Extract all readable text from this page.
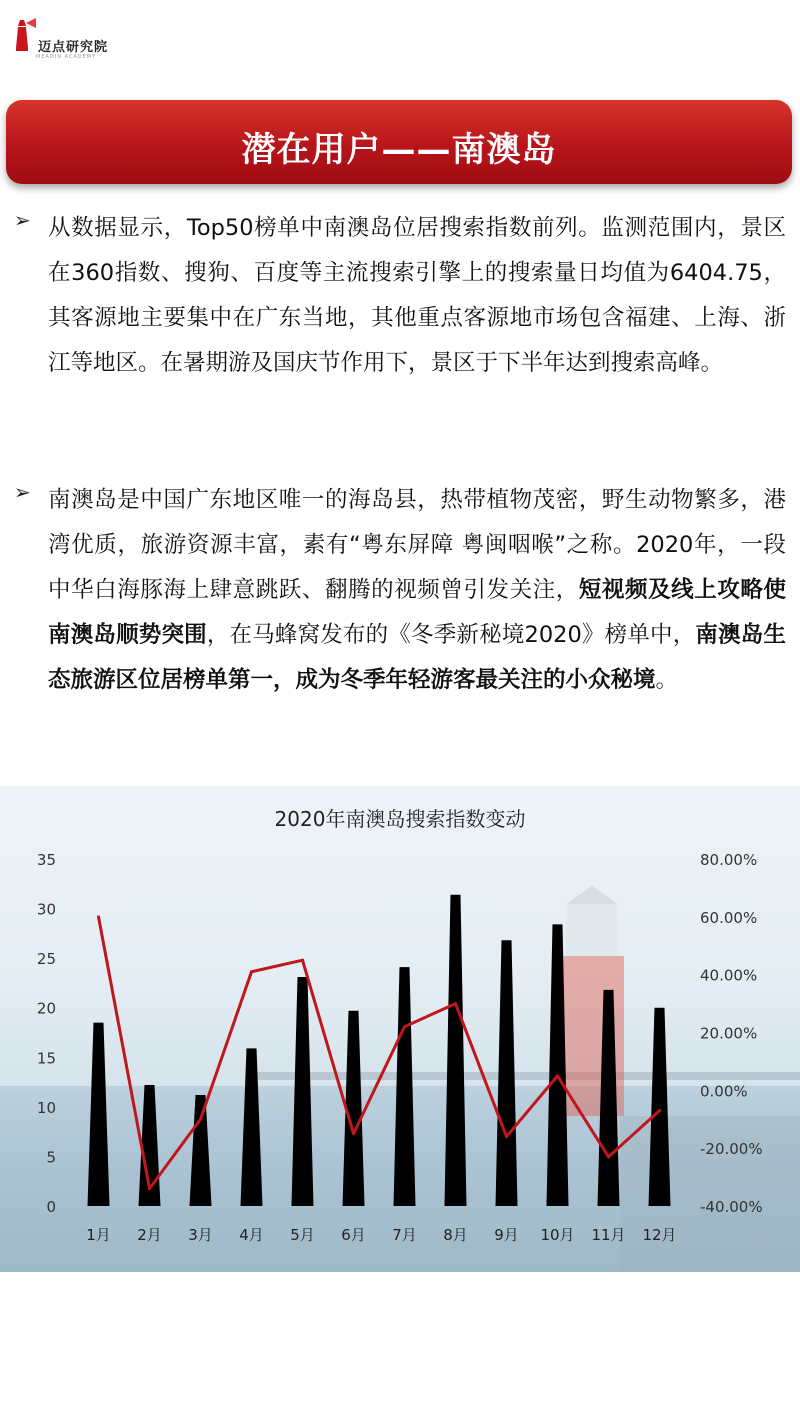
迈点研究院
MEADIN ACADEMY
潜在用户——南澳岛
➢ 从数据显示，Top50榜单中南澳岛位居搜索指数前列。监测范围内，景区在360指数、搜狗、百度等主流搜索引擎上的搜索量日均值为6404.75，其客源地主要集中在广东当地，其他重点客源地市场包含福建、上海、浙江等地区。在暑期游及国庆节作用下，景区于下半年达到搜索高峰。
➢ 南澳岛是中国广东地区唯一的海岛县，热带植物茂密，野生动物繁多，港湾优质，旅游资源丰富，素有“粤东屏障 粤闽咽喉”之称。2020年，一段中华白海豚海上肆意跳跃、翻腾的视频曾引发关注，短视频及线上攻略使南澳岛顺势突围，在马蜂窝发布的《冬季新秘境2020》榜单中，南澳岛生态旅游区位居榜单第一，成为冬季年轻游客最关注的小众秘境。
2020年南澳岛搜索指数变动
0
5
10
15
20
25
30
35
-40.00%
-20.00%
0.00%
20.00%
40.00%
60.00%
80.00%
1月 2月 3月 4月 5月 6月 7月 8月 9月 10月 11月 12月
